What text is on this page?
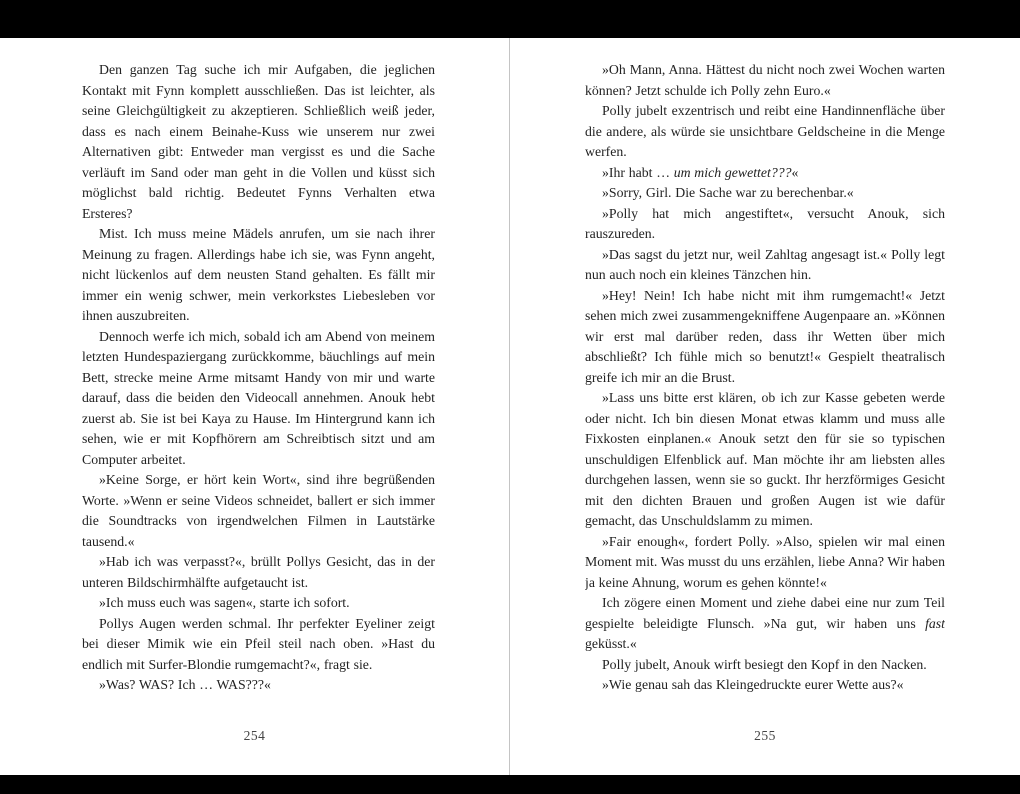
Den ganzen Tag suche ich mir Aufgaben, die jeglichen Kontakt mit Fynn komplett ausschließen. Das ist leichter, als seine Gleichgültigkeit zu akzeptieren. Schließlich weiß jeder, dass es nach einem Beinahe-Kuss wie unserem nur zwei Alternativen gibt: Entweder man vergisst es und die Sache verläuft im Sand oder man geht in die Vollen und küsst sich möglichst bald richtig. Bedeutet Fynns Verhalten etwa Ersteres?

Mist. Ich muss meine Mädels anrufen, um sie nach ihrer Meinung zu fragen. Allerdings habe ich sie, was Fynn angeht, nicht lückenlos auf dem neusten Stand gehalten. Es fällt mir immer ein wenig schwer, mein verkorkstes Liebesleben vor ihnen auszubreiten.

Dennoch werfe ich mich, sobald ich am Abend von meinem letzten Hundespaziergang zurückkomme, bäuchlings auf mein Bett, strecke meine Arme mitsamt Handy von mir und warte darauf, dass die beiden den Videocall annehmen. Anouk hebt zuerst ab. Sie ist bei Kaya zu Hause. Im Hintergrund kann ich sehen, wie er mit Kopfhörern am Schreibtisch sitzt und am Computer arbeitet.

»Keine Sorge, er hört kein Wort«, sind ihre begrüßenden Worte. »Wenn er seine Videos schneidet, ballert er sich immer die Soundtracks von irgendwelchen Filmen in Lautstärke tausend.«

»Hab ich was verpasst?«, brüllt Pollys Gesicht, das in der unteren Bildschirmhälfte aufgetaucht ist.

»Ich muss euch was sagen«, starte ich sofort.

Pollys Augen werden schmal. Ihr perfekter Eyeliner zeigt bei dieser Mimik wie ein Pfeil steil nach oben. »Hast du endlich mit Surfer-Blondie rumgemacht?«, fragt sie.

»Was? WAS? Ich … WAS???«

254

»Oh Mann, Anna. Hättest du nicht noch zwei Wochen warten können? Jetzt schulde ich Polly zehn Euro.«

Polly jubelt exzentrisch und reibt eine Handinnenfläche über die andere, als würde sie unsichtbare Geldscheine in die Menge werfen.

»Ihr habt … um mich gewettet???«

»Sorry, Girl. Die Sache war zu berechenbar.«

»Polly hat mich angestiftet«, versucht Anouk, sich rauszureden.

»Das sagst du jetzt nur, weil Zahltag angesagt ist.« Polly legt nun auch noch ein kleines Tänzchen hin.

»Hey! Nein! Ich habe nicht mit ihm rumgemacht!« Jetzt sehen mich zwei zusammengekniffene Augenpaare an. »Können wir erst mal darüber reden, dass ihr Wetten über mich abschließt? Ich fühle mich so benutzt!« Gespielt theatralisch greife ich mir an die Brust.

»Lass uns bitte erst klären, ob ich zur Kasse gebeten werde oder nicht. Ich bin diesen Monat etwas klamm und muss alle Fixkosten einplanen.« Anouk setzt den für sie so typischen unschuldigen Elfenblick auf. Man möchte ihr am liebsten alles durchgehen lassen, wenn sie so guckt. Ihr herzförmiges Gesicht mit den dichten Brauen und großen Augen ist wie dafür gemacht, das Unschuldslamm zu mimen.

»Fair enough«, fordert Polly. »Also, spielen wir mal einen Moment mit. Was musst du uns erzählen, liebe Anna? Wir haben ja keine Ahnung, worum es gehen könnte!«

Ich zögere einen Moment und ziehe dabei eine nur zum Teil gespielte beleidigte Flunsch. »Na gut, wir haben uns fast geküsst.«

Polly jubelt, Anouk wirft besiegt den Kopf in den Nacken.

»Wie genau sah das Kleingedruckte eurer Wette aus?«

255
